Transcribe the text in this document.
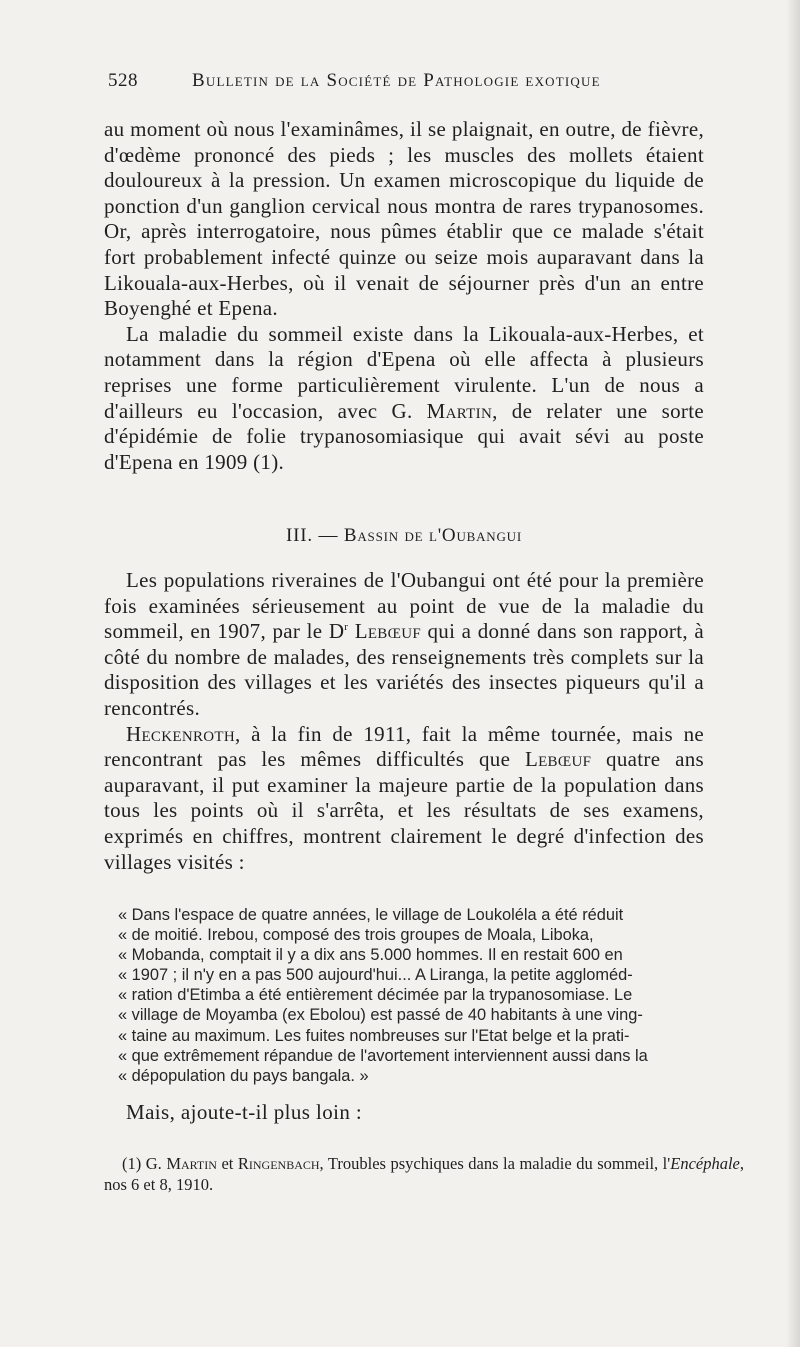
528	Bulletin de la Société de Pathologie exotique

au moment où nous l'examinâmes, il se plaignait, en outre, de fièvre, d'œdème prononcé des pieds ; les muscles des mollets étaient douloureux à la pression. Un examen microscopique du liquide de ponction d'un ganglion cervical nous montra de rares trypanosomes. Or, après interrogatoire, nous pûmes établir que ce malade s'était fort probablement infecté quinze ou seize mois auparavant dans la Likouala-aux-Herbes, où il venait de séjourner près d'un an entre Boyenghé et Epena.

La maladie du sommeil existe dans la Likouala-aux-Herbes, et notamment dans la région d'Epena où elle affecta à plusieurs reprises une forme particulièrement virulente. L'un de nous a d'ailleurs eu l'occasion, avec G. Martin, de relater une sorte d'épidémie de folie trypanosomiasique qui avait sévi au poste d'Epena en 1909 (1).

III. — Bassin de l'Oubangui

Les populations riveraines de l'Oubangui ont été pour la première fois examinées sérieusement au point de vue de la maladie du sommeil, en 1907, par le $D^r$ Lebœuf qui a donné dans son rapport, à côté du nombre de malades, des renseignements très complets sur la disposition des villages et les variétés des insectes piqueurs qu'il a rencontrés.

Heckenroth, à la fin de 1911, fait la même tournée, mais ne rencontrant pas les mêmes difficultés que Lebœuf quatre ans auparavant, il put examiner la majeure partie de la population dans tous les points où il s'arrêta, et les résultats de ses examens, exprimés en chiffres, montrent clairement le degré d'infection des villages visités :

« Dans l'espace de quatre années, le village de Loukoléla a été réduit
« de moitié. Irebou, composé des trois groupes de Moala, Liboka,
« Mobanda, comptait il y a dix ans 5.000 hommes. Il en restait 600 en
« 1907 ; il n'y en a pas 500 aujourd'hui... A Liranga, la petite aggloméd-
« ration d'Etimba a été entièrement décimée par la trypanosomiase. Le
« village de Moyamba (ex Ebolou) est passé de 40 habitants à une ving-
« taine au maximum. Les fuites nombreuses sur l'Etat belge et la prati-
« que extrêmement répandue de l'avortement interviennent aussi dans la
« dépopulation du pays bangala. »
Mais, ajoute-t-il plus loin :

(1) G. Martin et Ringenbach, Troubles psychiques dans la maladie du sommeil, l'Encéphale, nos 6 et 8, 1910.
